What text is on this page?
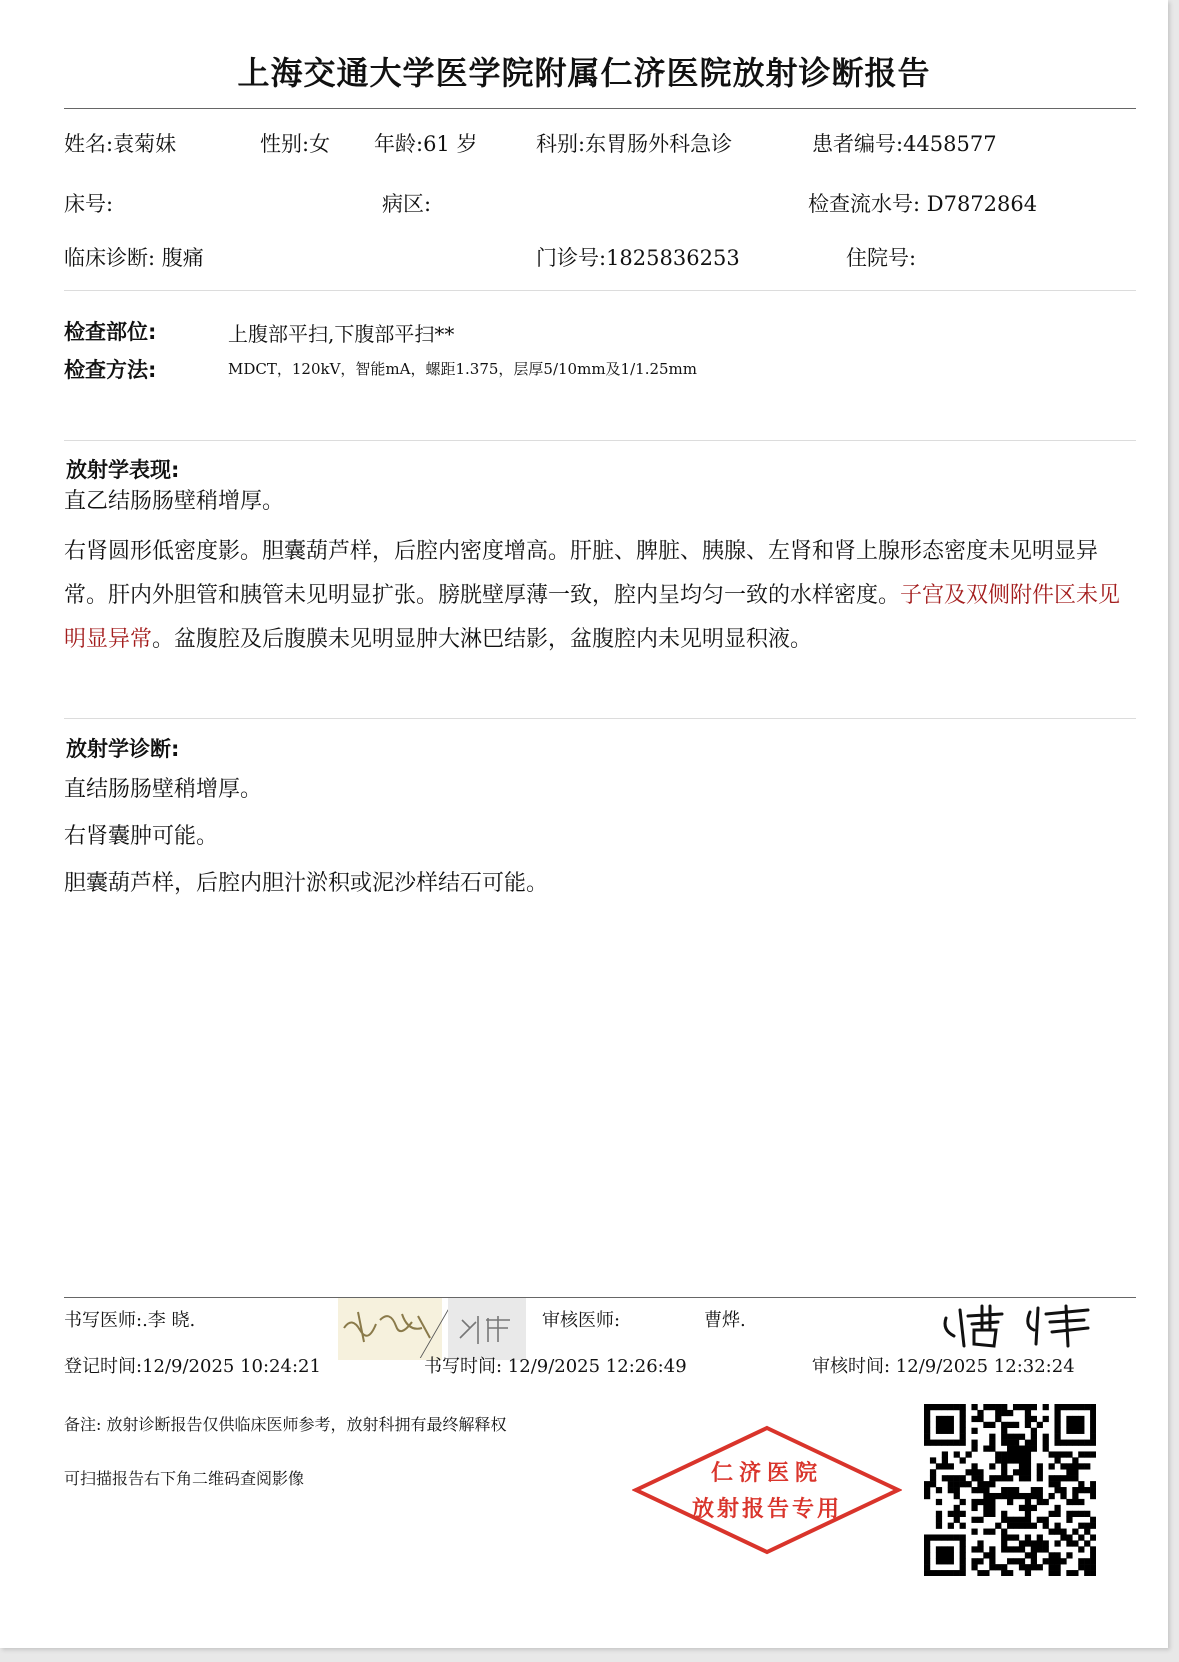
上海交通大学医学院附属仁济医院放射诊断报告
姓名:袁菊妹	性别:女 年龄:61 岁	科别:东胃肠外科急诊	患者编号:4458577
床号:	病区:	检查流水号: D7872864
临床诊断: 腹痛	门诊号:1825836253	住院号:
检查部位:	上腹部平扫,下腹部平扫**
检查方法:	MDCT，120kV，智能mA，螺距1.375，层厚5/10mm及1/1.25mm
放射学表现:
直乙结肠肠壁稍增厚。
右肾圆形低密度影。胆囊葫芦样，后腔内密度增高。肝脏、脾脏、胰腺、左肾和肾上腺形态密度未见明显异常。肝内外胆管和胰管未见明显扩张。膀胱壁厚薄一致，腔内呈均匀一致的水样密度。子宫及双侧附件区未见明显异常。盆腹腔及后腹膜未见明显肿大淋巴结影，盆腹腔内未见明显积液。
放射学诊断:
直结肠肠壁稍增厚。
右肾囊肿可能。
胆囊葫芦样，后腔内胆汁淤积或泥沙样结石可能。
书写医师:.李 晓.	审核医师:	曹烨.
登记时间:12/9/2025 10:24:21	书写时间: 12/9/2025 12:26:49	审核时间: 12/9/2025 12:32:24
备注: 放射诊断报告仅供临床医师参考，放射科拥有最终解释权
可扫描报告右下角二维码查阅影像	仁济医院
放射报告专用
